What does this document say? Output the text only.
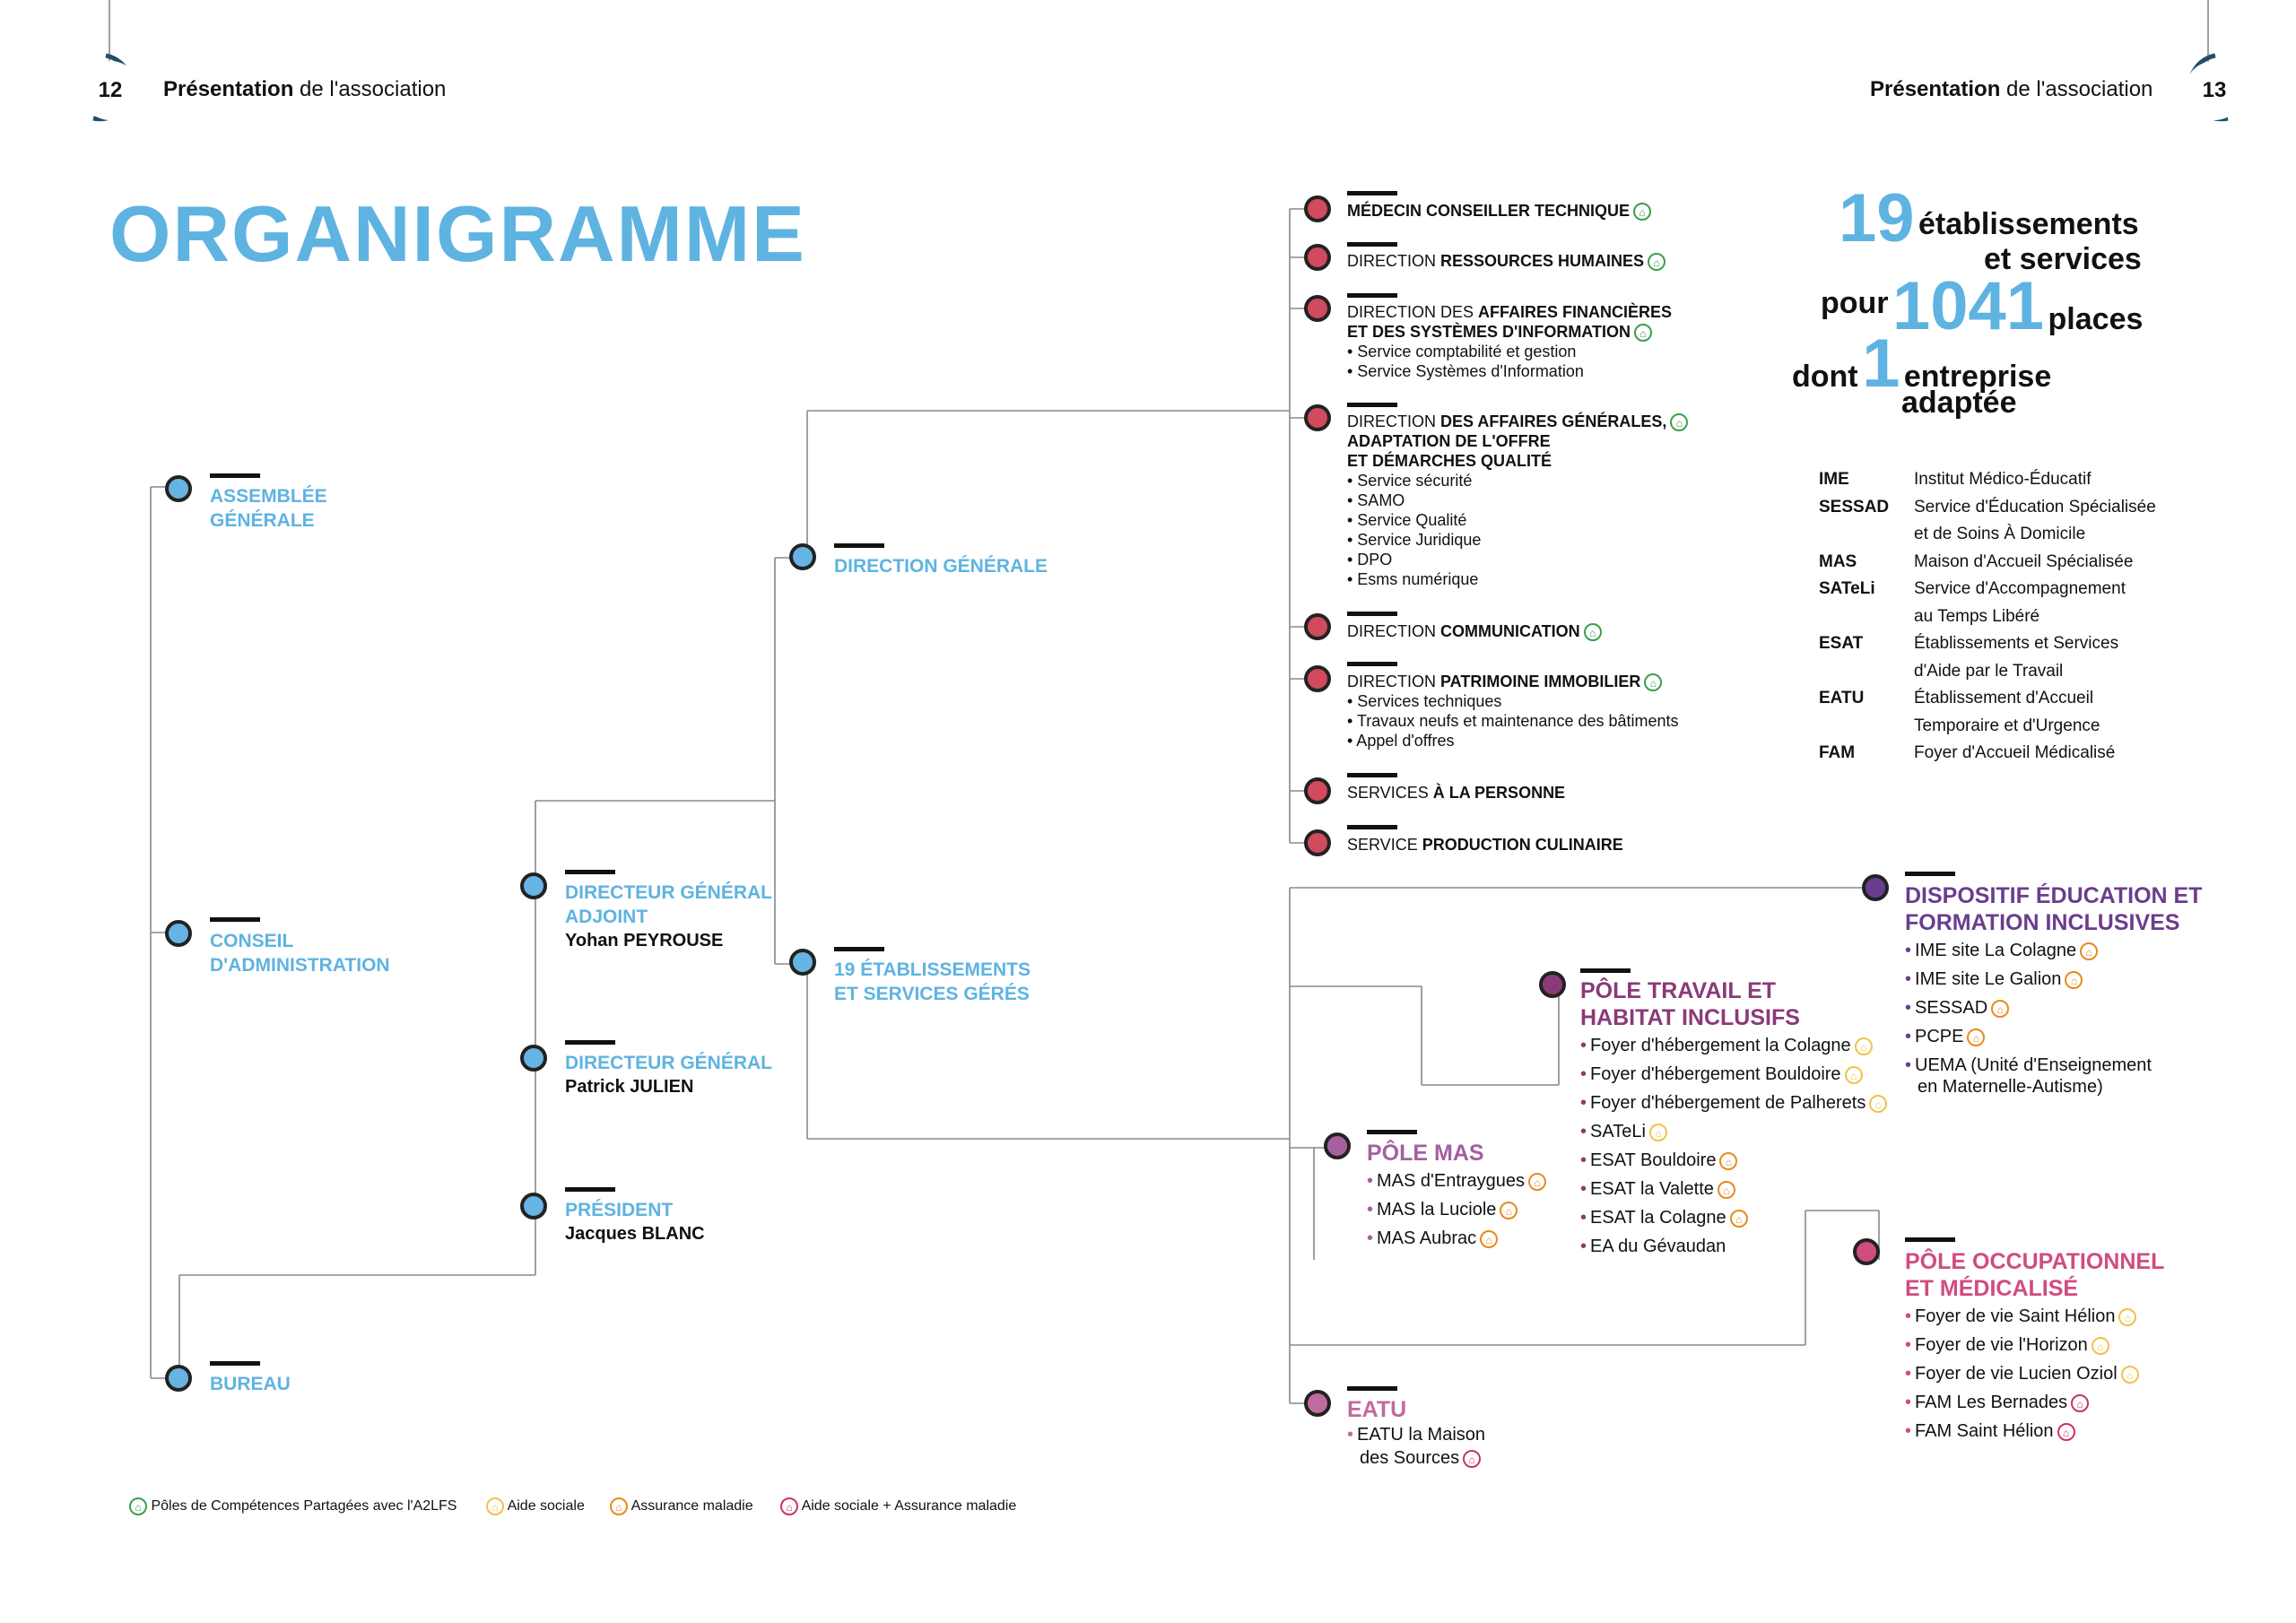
12	Présentation de l'association	Présentation de l'association	13
ORGANIGRAMME
ASSEMBLÉE
GÉNÉRALE
CONSEIL
D'ADMINISTRATION
BUREAU
DIRECTEUR GÉNÉRAL
ADJOINT
Yohan PEYROUSE
DIRECTEUR GÉNÉRAL
Patrick JULIEN
PRÉSIDENT
Jacques BLANC
DIRECTION GÉNÉRALE
19 ÉTABLISSEMENTS
ET SERVICES GÉRÉS
MÉDECIN CONSEILLER TECHNIQUE ⌂
DIRECTION RESSOURCES HUMAINES ⌂
DIRECTION DES AFFAIRES FINANCIÈRES
ET DES SYSTÈMES D'INFORMATION ⌂
• Service comptabilité et gestion
• Service Systèmes d'Information
DIRECTION DES AFFAIRES GÉNÉRALES, ⌂
ADAPTATION DE L'OFFRE
ET DÉMARCHES QUALITÉ
• Service sécurité
• SAMO
• Service Qualité
• Service Juridique
• DPO
• Esms numérique
DIRECTION COMMUNICATION ⌂
DIRECTION PATRIMOINE IMMOBILIER ⌂
• Services techniques
• Travaux neufs et maintenance des bâtiments
• Appel d'offres
SERVICES À LA PERSONNE
SERVICE PRODUCTION CULINAIRE
19 établissements
et services
pour 1041 places
dont 1 entreprise
adaptée
IME	Institut Médico-Éducatif
SESSAD Service d'Éducation Spécialisée
et de Soins À Domicile
MAS	Maison d'Accueil Spécialisée
SATeLi Service d'Accompagnement
au Temps Libéré
ESAT	Établissements et Services
d'Aide par le Travail
EATU	Établissement d'Accueil
Temporaire et d'Urgence
FAM	Foyer d'Accueil Médicalisé
DISPOSITIF ÉDUCATION ET
FORMATION INCLUSIVES
• IME site La Colagne ⌂
• IME site Le Galion ⌂
• SESSAD ⌂
• PCPE ⌂
• UEMA (Unité d'Enseignement
en Maternelle-Autisme)
PÔLE TRAVAIL ET
HABITAT INCLUSIFS
• Foyer d'hébergement la Colagne ⌂
• Foyer d'hébergement Bouldoire ⌂
• Foyer d'hébergement de Palherets ⌂
• SATeLi ⌂
• ESAT Bouldoire ⌂
• ESAT la Valette ⌂
• ESAT la Colagne ⌂
• EA du Gévaudan
PÔLE MAS
• MAS d'Entraygues ⌂
• MAS la Luciole ⌂
• MAS Aubrac ⌂
PÔLE OCCUPATIONNEL
ET MÉDICALISÉ
• Foyer de vie Saint Hélion ⌂
• Foyer de vie l'Horizon ⌂
• Foyer de vie Lucien Oziol ⌂
• FAM Les Bernades ⌂
• FAM Saint Hélion ⌂
EATU
• EATU la Maison
des Sources ⌂
⌂ Pôles de Compétences Partagées avec l'A2LFS	⌂ Aide sociale	⌂ Assurance maladie	⌂ Aide sociale + Assurance maladie
